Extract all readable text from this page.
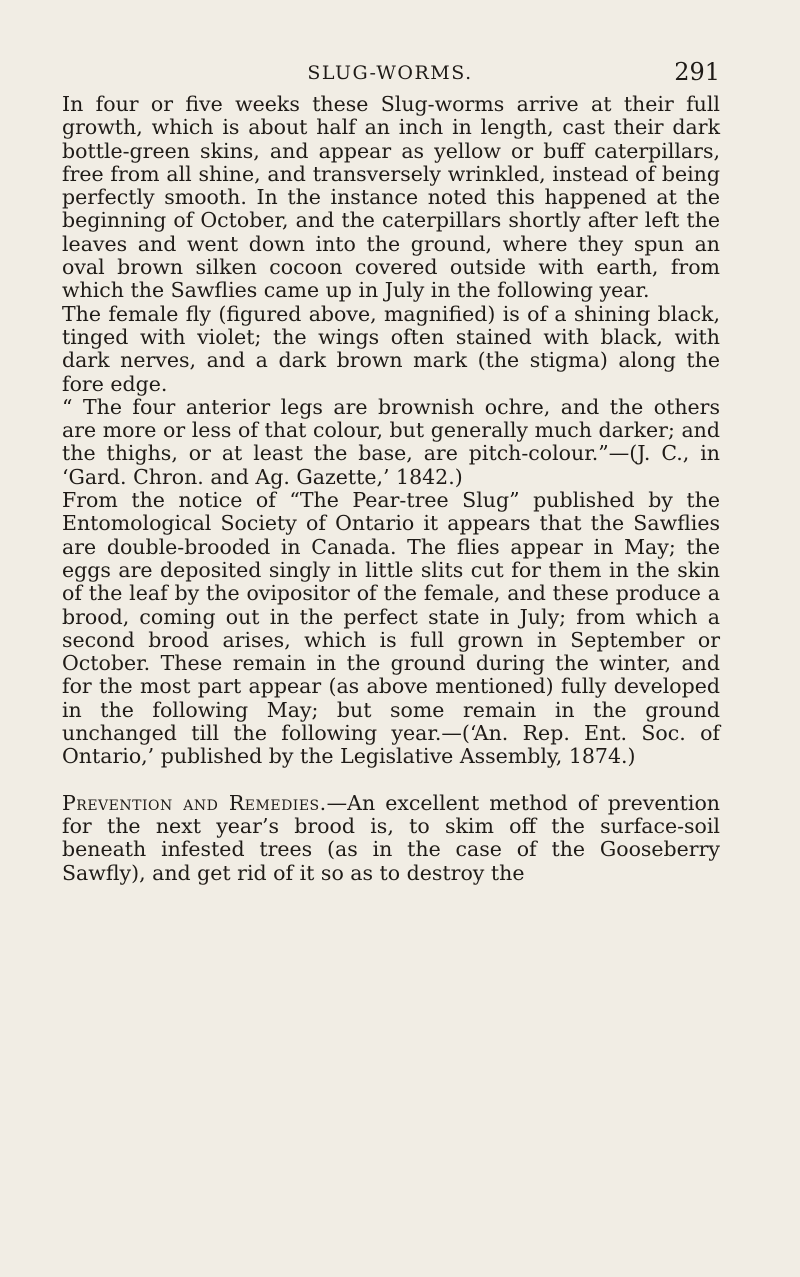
SLUG-WORMS.	291

In four or five weeks these Slug-worms arrive at their full growth, which is about half an inch in length, cast their dark bottle-green skins, and appear as yellow or buff caterpillars, free from all shine, and transversely wrinkled, instead of being perfectly smooth. In the instance noted this happened at the beginning of October, and the caterpillars shortly after left the leaves and went down into the ground, where they spun an oval brown silken cocoon covered outside with earth, from which the Sawflies came up in July in the following year.

The female fly (figured above, magnified) is of a shining black, tinged with violet; the wings often stained with black, with dark nerves, and a dark brown mark (the stigma) along the fore edge.

“ The four anterior legs are brownish ochre, and the others are more or less of that colour, but generally much darker; and the thighs, or at least the base, are pitch-colour.”—(J. C., in ‘Gard. Chron. and Ag. Gazette,’ 1842.)

From the notice of “The Pear-tree Slug” published by the Entomological Society of Ontario it appears that the Sawflies are double-brooded in Canada. The flies appear in May; the eggs are deposited singly in little slits cut for them in the skin of the leaf by the ovipositor of the female, and these produce a brood, coming out in the perfect state in July; from which a second brood arises, which is full grown in September or October. These remain in the ground during the winter, and for the most part appear (as above mentioned) fully developed in the following May; but some remain in the ground unchanged till the following year.—(‘An. Rep. Ent. Soc. of Ontario,’ published by the Legislative Assembly, 1874.)

Prevention and Remedies.—An excellent method of prevention for the next year’s brood is, to skim off the surface-soil beneath infested trees (as in the case of the Gooseberry Sawfly), and get rid of it so as to destroy the
